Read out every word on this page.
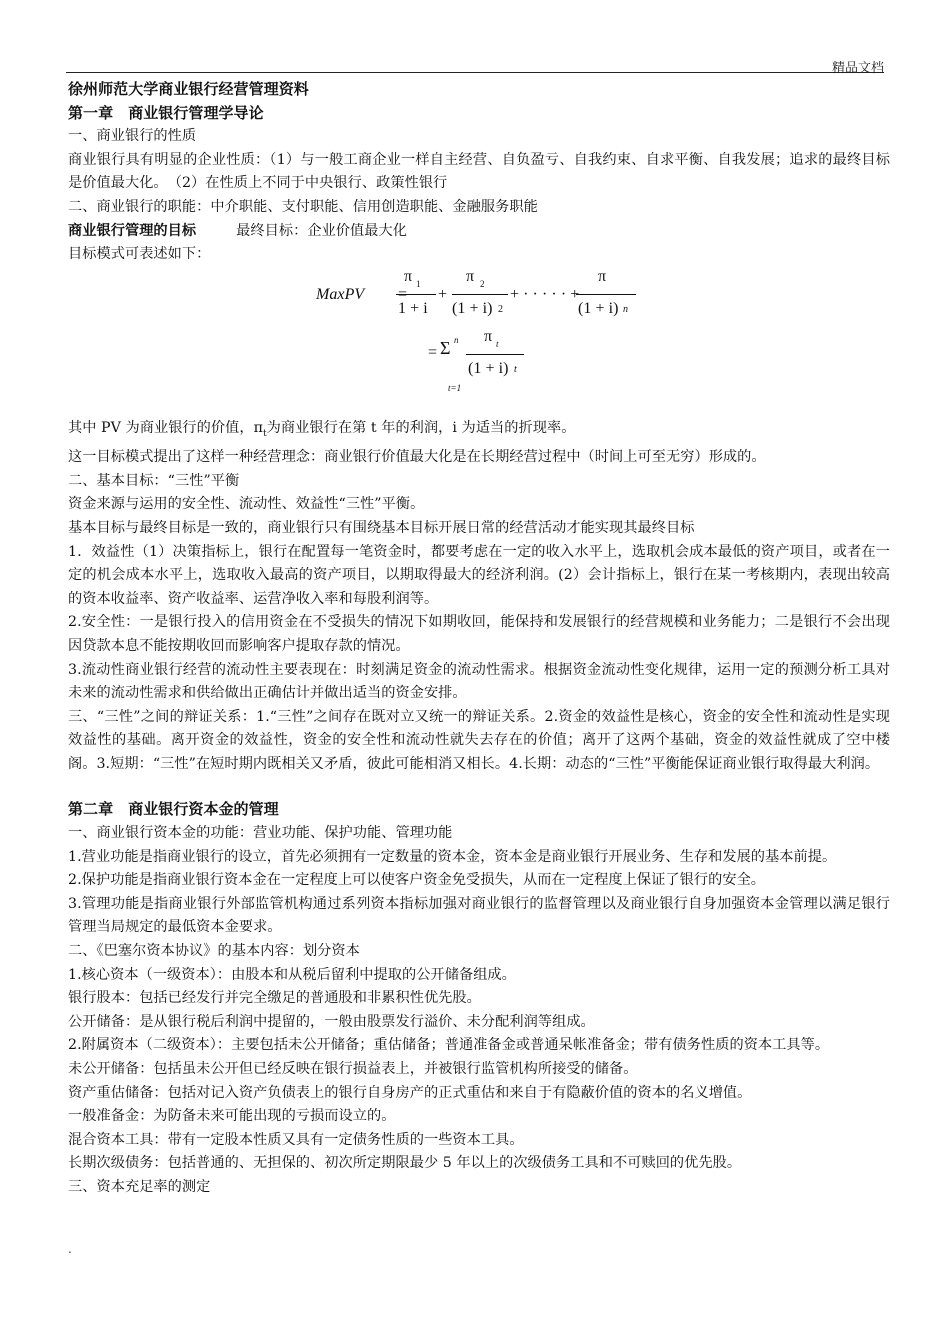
精品文档

徐州师范大学商业银行经营管理资料

第一章　商业银行管理学导论

一、商业银行的性质

商业银行具有明显的企业性质：（1）与一般工商企业一样自主经营、自负盈亏、自我约束、自求平衡、自我发展；追求的最终目标是价值最大化。　（2）在性质上不同于中央银行、政策性银行

二、商业银行的职能：中介职能、支付职能、信用创造职能、金融服务职能

商业银行管理的目标	最终目标：企业价值最大化

目标模式可表述如下：

MaxPV =
π 1
1 + i
+
π 2
(1 + i) 2
+ · · · · · +
π
(1 + i) n
= Σ n
t=1
π t
(1 + i) t

其中 PV 为商业银行的价值，$\pi_t$为商业银行在第 t 年的利润，i 为适当的折现率。

这一目标模式提出了这样一种经营理念：商业银行价值最大化是在长期经营过程中（时间上可至无穷）形成的。

二、基本目标：“三性”平衡

资金来源与运用的安全性、流动性、效益性“三性”平衡。

基本目标与最终目标是一致的，商业银行只有围绕基本目标开展日常的经营活动才能实现其最终目标

1．效益性（1）决策指标上，银行在配置每一笔资金时，都要考虑在一定的收入水平上，选取机会成本最低的资产项目，或者在一定的机会成本水平上，选取收入最高的资产项目，以期取得最大的经济利润。(2）会计指标上，银行在某一考核期内，表现出较高的资本收益率、资产收益率、运营净收入率和每股利润等。

2.安全性：一是银行投入的信用资金在不受损失的情况下如期收回，能保持和发展银行的经营规模和业务能力；二是银行不会出现因贷款本息不能按期收回而影响客户提取存款的情况。

3.流动性商业银行经营的流动性主要表现在：时刻满足资金的流动性需求。根据资金流动性变化规律，运用一定的预测分析工具对未来的流动性需求和供给做出正确估计并做出适当的资金安排。

三、“三性”之间的辩证关系：1.“三性”之间存在既对立又统一的辩证关系。2.资金的效益性是核心，资金的安全性和流动性是实现效益性的基础。离开资金的效益性，资金的安全性和流动性就失去存在的价值；离开了这两个基础，资金的效益性就成了空中楼阁。3.短期：“三性”在短时期内既相关又矛盾，彼此可能相消又相长。4.长期：动态的“三性”平衡能保证商业银行取得最大利润。

第二章　商业银行资本金的管理

一、商业银行资本金的功能：营业功能、保护功能、管理功能

1.营业功能是指商业银行的设立，首先必须拥有一定数量的资本金，资本金是商业银行开展业务、生存和发展的基本前提。

2.保护功能是指商业银行资本金在一定程度上可以使客户资金免受损失，从而在一定程度上保证了银行的安全。

3.管理功能是指商业银行外部监管机构通过系列资本指标加强对商业银行的监督管理以及商业银行自身加强资本金管理以满足银行管理当局规定的最低资本金要求。

二、《巴塞尔资本协议》的基本内容：划分资本

1.核心资本（一级资本）：由股本和从税后留利中提取的公开储备组成。

银行股本：包括已经发行并完全缴足的普通股和非累积性优先股。

公开储备：是从银行税后利润中提留的，一般由股票发行溢价、未分配利润等组成。

2.附属资本（二级资本）：主要包括未公开储备；重估储备；普通准备金或普通呆帐准备金；带有债务性质的资本工具等。

未公开储备：包括虽未公开但已经反映在银行损益表上，并被银行监管机构所接受的储备。

资产重估储备：包括对记入资产负债表上的银行自身房产的正式重估和来自于有隐蔽价值的资本的名义增值。

一般准备金：为防备未来可能出现的亏损而设立的。

混合资本工具：带有一定股本性质又具有一定债务性质的一些资本工具。

长期次级债务：包括普通的、无担保的、初次所定期限最少 5 年以上的次级债务工具和不可赎回的优先股。

三、资本充足率的测定

.
